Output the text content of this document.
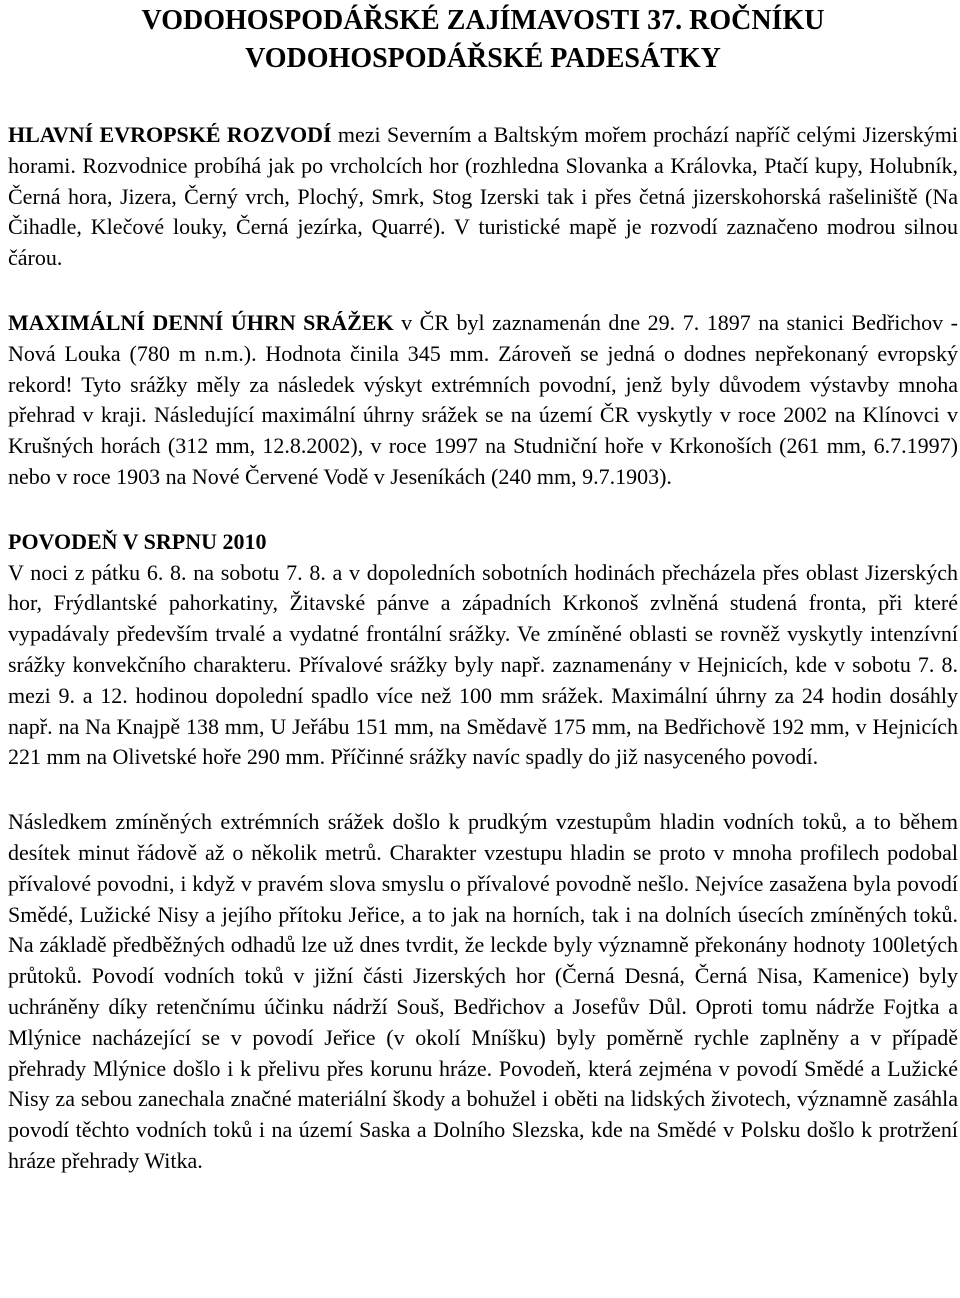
VODOHOSPODÁŘSKÉ ZAJÍMAVOSTI 37. ROČNÍKU
VODOHOSPODÁŘSKÉ PADESÁTKY

HLAVNÍ EVROPSKÉ ROZVODÍ mezi Severním a Baltským mořem prochází napříč celými Jizerskými horami. Rozvodnice probíhá jak po vrcholcích hor (rozhledna Slovanka a Královka, Ptačí kupy, Holubník, Černá hora, Jizera, Černý vrch, Plochý, Smrk, Stog Izerski tak i přes četná jizerskohorská rašeliniště (Na Čihadle, Klečové louky, Černá jezírka, Quarré). V turistické mapě je rozvodí zaznačeno modrou silnou čárou.

MAXIMÁLNÍ DENNÍ ÚHRN SRÁŽEK v ČR byl zaznamenán dne 29. 7. 1897 na stanici Bedřichov - Nová Louka (780 m n.m.). Hodnota činila 345 mm. Zároveň se jedná o dodnes nepřekonaný evropský rekord! Tyto srážky měly za následek výskyt extrémních povodní, jenž byly důvodem výstavby mnoha přehrad v kraji. Následující maximální úhrny srážek se na území ČR vyskytly v roce 2002 na Klínovci v Krušných horách (312 mm, 12.8.2002), v roce 1997 na Studniční hoře v Krkonoších (261 mm, 6.7.1997) nebo v roce 1903 na Nové Červené Vodě v Jeseníkách (240 mm, 9.7.1903).

POVODEŇ V SRPNU 2010
V noci z pátku 6. 8. na sobotu 7. 8. a v dopoledních sobotních hodinách přecházela přes oblast Jizerských hor, Frýdlantské pahorkatiny, Žitavské pánve a západních Krkonoš zvlněná studená fronta, při které vypadávaly především trvalé a vydatné frontální srážky. Ve zmíněné oblasti se rovněž vyskytly intenzívní srážky konvekčního charakteru. Přívalové srážky byly např. zaznamenány v Hejnicích, kde v sobotu 7. 8. mezi 9. a 12. hodinou dopolední spadlo více než 100 mm srážek. Maximální úhrny za 24 hodin dosáhly např. na Na Knajpě 138 mm, U Jeřábu 151 mm, na Smědavě 175 mm, na Bedřichově 192 mm, v Hejnicích 221 mm na Olivetské hoře 290 mm. Příčinné srážky navíc spadly do již nasyceného povodí.

Následkem zmíněných extrémních srážek došlo k prudkým vzestupům hladin vodních toků, a to během desítek minut řádově až o několik metrů. Charakter vzestupu hladin se proto v mnoha profilech podobal přívalové povodni, i když v pravém slova smyslu o přívalové povodně nešlo. Nejvíce zasažena byla povodí Smědé, Lužické Nisy a jejího přítoku Jeřice, a to jak na horních, tak i na dolních úsecích zmíněných toků. Na základě předběžných odhadů lze už dnes tvrdit, že leckde byly významně překonány hodnoty 100letých průtoků. Povodí vodních toků v jižní části Jizerských hor (Černá Desná, Černá Nisa, Kamenice) byly uchráněny díky retenčnímu účinku nádrží Souš, Bedřichov a Josefův Důl. Oproti tomu nádrže Fojtka a Mlýnice nacházející se v povodí Jeřice (v okolí Mníšku) byly poměrně rychle zaplněny a v případě přehrady Mlýnice došlo i k přelivu přes korunu hráze. Povodeň, která zejména v povodí Smědé a Lužické Nisy za sebou zanechala značné materiální škody a bohužel i oběti na lidských životech, významně zasáhla povodí těchto vodních toků i na území Saska a Dolního Slezska, kde na Smědé v Polsku došlo k protržení hráze přehrady Witka.
